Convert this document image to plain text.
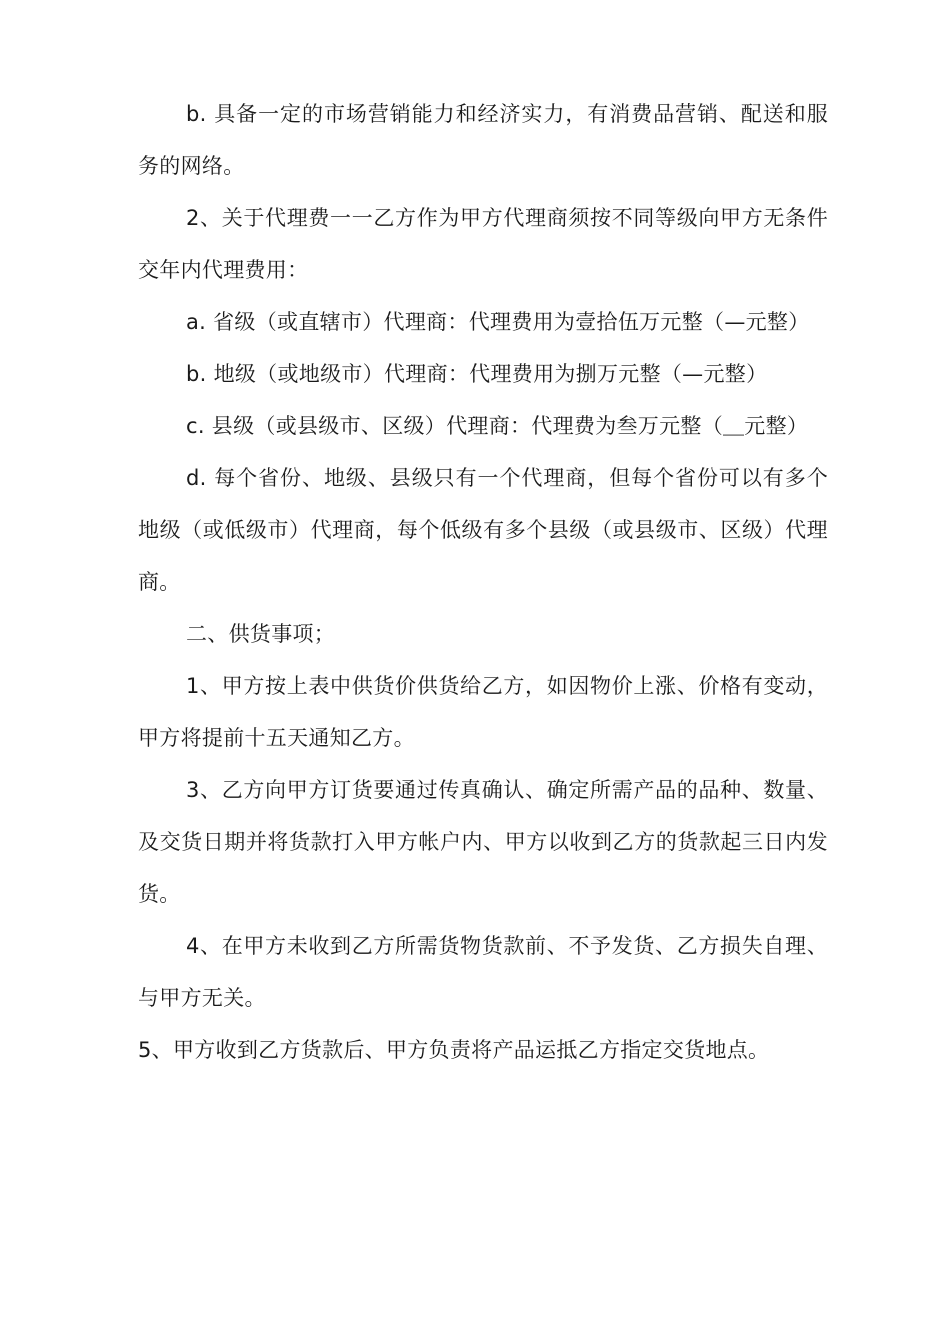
b. 具备一定的市场营销能力和经济实力，有消费品营销、配送和服务的网络。

2、关于代理费一一乙方作为甲方代理商须按不同等级向甲方无条件交年内代理费用：

a. 省级（或直辖市）代理商：代理费用为壹拾伍万元整（—元整）

b. 地级（或地级市）代理商：代理费用为捌万元整（—元整）

c. 县级（或县级市、区级）代理商：代理费为叁万元整（＿元整）

d. 每个省份、地级、县级只有一个代理商，但每个省份可以有多个地级（或低级市）代理商，每个低级有多个县级（或县级市、区级）代理商。

二、供货事项；

1、甲方按上表中供货价供货给乙方，如因物价上涨、价格有变动，甲方将提前十五天通知乙方。

3、乙方向甲方订货要通过传真确认、确定所需产品的品种、数量、及交货日期并将货款打入甲方帐户内、甲方以收到乙方的货款起三日内发货。

4、在甲方未收到乙方所需货物货款前、不予发货、乙方损失自理、与甲方无关。

5、甲方收到乙方货款后、甲方负责将产品运抵乙方指定交货地点。
